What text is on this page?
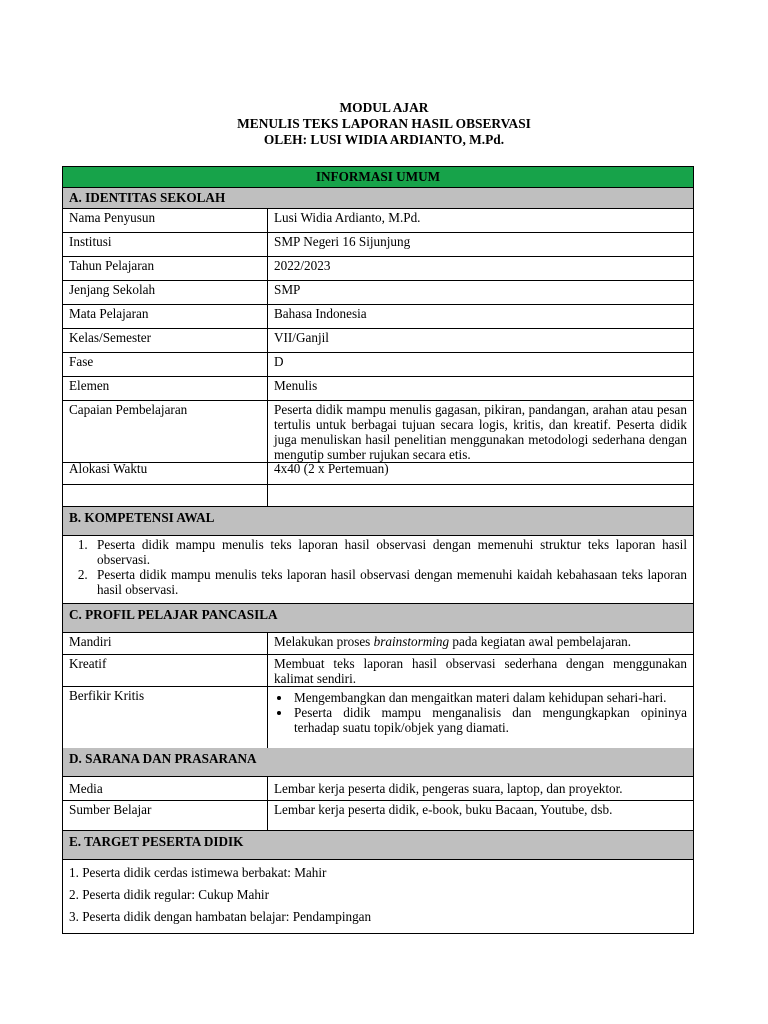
MODUL AJAR
MENULIS TEKS LAPORAN HASIL OBSERVASI
OLEH: LUSI WIDIA ARDIANTO, M.Pd.
INFORMASI UMUM
A. IDENTITAS SEKOLAH
Nama Penyusun	Lusi Widia Ardianto, M.Pd.
Institusi	SMP Negeri 16 Sijunjung
Tahun Pelajaran	2022/2023
Jenjang Sekolah	SMP
Mata Pelajaran	Bahasa Indonesia
Kelas/Semester	VII/Ganjil
Fase	D
Elemen	Menulis
Capaian Pembelajaran	Peserta didik mampu menulis gagasan, pikiran, pandangan, arahan atau pesan tertulis untuk berbagai tujuan secara logis, kritis, dan kreatif. Peserta didik juga menuliskan hasil penelitian menggunakan metodologi sederhana dengan mengutip sumber rujukan secara etis.
Alokasi Waktu	4x40 (2 x Pertemuan)
B. KOMPETENSI AWAL
1. Peserta didik mampu menulis teks laporan hasil observasi dengan memenuhi struktur teks laporan hasil observasi.
2. Peserta didik mampu menulis teks laporan hasil observasi dengan memenuhi kaidah kebahasaan teks laporan hasil observasi.
C. PROFIL PELAJAR PANCASILA
Mandiri	Melakukan proses brainstorming pada kegiatan awal pembelajaran.
Kreatif	Membuat teks laporan hasil observasi sederhana dengan menggunakan kalimat sendiri.
Berfikir Kritis
•	Mengembangkan dan mengaitkan materi dalam kehidupan sehari-hari.
• Peserta didik mampu menganalisis dan mengungkapkan opininya terhadap suatu topik/objek yang diamati.
D. SARANA DAN PRASARANA
Media	Lembar kerja peserta didik, pengeras suara, laptop, dan proyektor.
Sumber Belajar	Lembar kerja peserta didik, e-book, buku Bacaan, Youtube, dsb.
E. TARGET PESERTA DIDIK

1. Peserta didik cerdas istimewa berbakat: Mahir

2. Peserta didik regular: Cukup Mahir

3. Peserta didik dengan hambatan belajar: Pendampingan
